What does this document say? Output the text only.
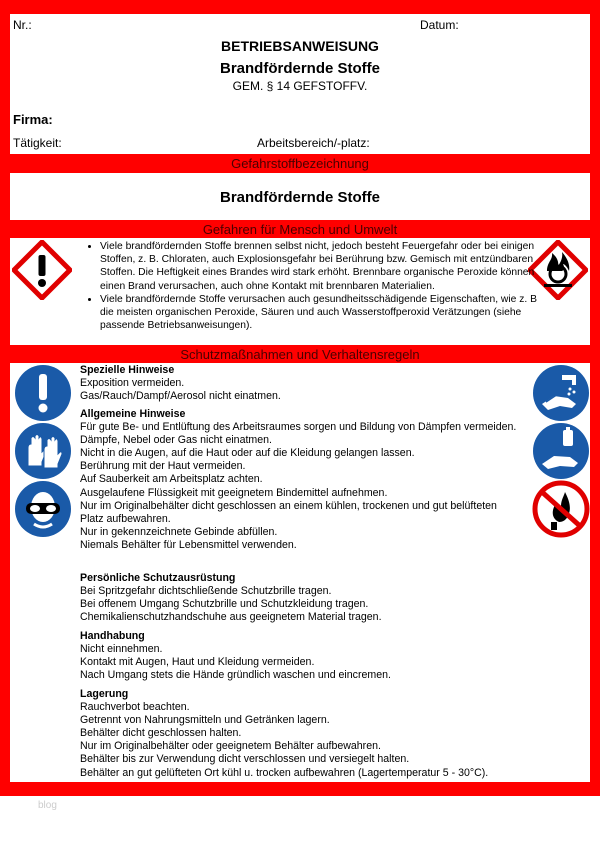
Nr.:	Datum:
BETRIEBSANWEISUNG
Brandfördernde Stoffe
GEM. § 14 GEFSTOFFV.
Firma:
Tätigkeit:	Arbeitsbereich/-platz:
Gefahrstoffbezeichnung
Brandfördernde Stoffe
Gefahren für Mensch und Umwelt
• Viele brandfördernden Stoffe brennen selbst nicht, jedoch besteht Feuergefahr oder bei einigen Stoffen, z. B. Chloraten, auch Explosionsgefahr bei Berührung bzw. Gemisch mit entzündbaren Stoffen. Die Heftigkeit eines Brandes wird stark erhöht. Brennbare organische Peroxide können einen Brand verursachen, auch ohne Kontakt mit brennbaren Materialien.
• Viele brandfördernde Stoffe verursachen auch gesundheitsschädigende Eigenschaften, wie z. B die meisten organischen Peroxide, Säuren und auch Wasserstoffperoxid Verätzungen (siehe passende Betriebsanweisungen).
Schutzmaßnahmen und Verhaltensregeln
Spezielle Hinweise
Exposition vermeiden.
Gas/Rauch/Dampf/Aerosol nicht einatmen.
Allgemeine Hinweise
Für gute Be- und Entlüftung des Arbeitsraumes sorgen und Bildung von Dämpfen vermeiden.
Dämpfe, Nebel oder Gas nicht einatmen.
Nicht in die Augen, auf die Haut oder auf die Kleidung gelangen lassen.
Berührung mit der Haut vermeiden.
Auf Sauberkeit am Arbeitsplatz achten.
Ausgelaufene Flüssigkeit mit geeignetem Bindemittel aufnehmen.
Nur im Originalbehälter dicht geschlossen an einem kühlen, trockenen und gut belüfteten Platz aufbewahren.
Nur in gekennzeichnete Gebinde abfüllen.
Niemals Behälter für Lebensmittel verwenden.
Persönliche Schutzausrüstung
Bei Spritzgefahr dichtschließende Schutzbrille tragen.
Bei offenem Umgang Schutzbrille und Schutzkleidung tragen.
Chemikalienschutzhandschuhe aus geeignetem Material tragen.
Handhabung
Nicht einnehmen.
Kontakt mit Augen, Haut und Kleidung vermeiden.
Nach Umgang stets die Hände gründlich waschen und eincremen.
Lagerung
Rauchverbot beachten.
Getrennt von Nahrungsmitteln und Getränken lagern.
Behälter dicht geschlossen halten.
Nur im Originalbehälter oder geeignetem Behälter aufbewahren.
Behälter bis zur Verwendung dicht verschlossen und versiegelt halten.
Behälter an gut gelüfteten Ort kühl u. trocken aufbewahren (Lagertemperatur 5 - 30°C).
blog
